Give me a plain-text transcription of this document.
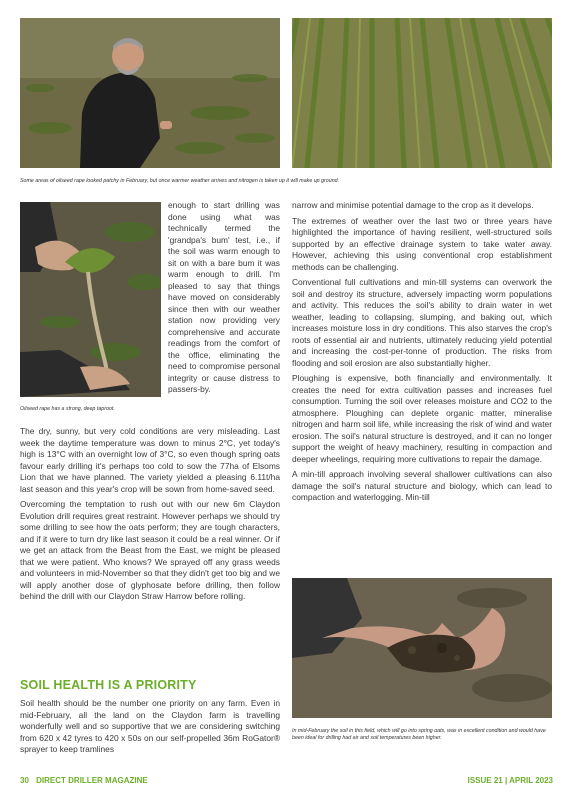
Some areas of oilseed rape looked patchy in February, but once warmer weather arrives and nitrogen is taken up it will make up ground.
Oilseed rape has a strong, deep taproot.
enough to start drilling was done using what was technically termed the 'grandpa's bum' test, i.e., if the soil was warm enough to sit on with a bare bum it was warm enough to drill. I'm pleased to say that things have moved on considerably since then with our weather station now providing very comprehensive and accurate readings from the comfort of the office, eliminating the need to compromise personal integrity or cause distress to passers-by.

The dry, sunny, but very cold conditions are very misleading. Last week the daytime temperature was down to minus 2°C, yet today's high is 13°C with an overnight low of 3°C, so even though spring oats favour early drilling it's perhaps too cold to sow the 77ha of Elsoms Lion that we have planned. The variety yielded a pleasing 6.11t/ha last season and this year's crop will be sown from home-saved seed.

Overcoming the temptation to rush out with our new 6m Claydon Evolution drill requires great restraint. However perhaps we should try some drilling to see how the oats perform; they are tough characters, and if it were to turn dry like last season it could be a real winner. Or if we get an attack from the Beast from the East, we might be pleased that we were patient. Who knows? We sprayed off any grass weeds and volunteers in mid-November so that they didn't get too big and we will apply another dose of glyphosate before drilling, then follow behind the drill with our Claydon Straw Harrow before rolling.

SOIL HEALTH IS A PRIORITY
Soil health should be the number one priority on any farm. Even in mid-February, all the land on the Claydon farm is travelling wonderfully well and so supportive that we are considering switching from 620 x 42 tyres to 420 x 50s on our self-propelled 36m RoGator® sprayer to keep tramlines

narrow and minimise potential damage to the crop as it develops.

The extremes of weather over the last two or three years have highlighted the importance of having resilient, well-structured soils supported by an effective drainage system to take water away. However, achieving this using conventional crop establishment methods can be challenging.

Conventional full cultivations and min-till systems can overwork the soil and destroy its structure, adversely impacting worm populations and activity. This reduces the soil's ability to drain water in wet weather, leading to collapsing, slumping, and baking out, which increases moisture loss in dry conditions. This also starves the crop's roots of essential air and nutrients, ultimately reducing yield potential and increasing the cost-per-tonne of production. The risks from flooding and soil erosion are also substantially higher.

Ploughing is expensive, both financially and environmentally. It creates the need for extra cultivation passes and increases fuel consumption. Turning the soil over releases moisture and CO2 to the atmosphere. Ploughing can deplete organic matter, mineralise nitrogen and harm soil life, while increasing the risk of wind and water erosion. The soil's natural structure is destroyed, and it can no longer support the weight of heavy machinery, resulting in compaction and deeper wheelings, requiring more cultivations to repair the damage.

A min-till approach involving several shallower cultivations can also damage the soil's natural structure and biology, which can lead to compaction and waterlogging. Min-till

In mid-February the soil in this field, which will go into spring oats, was in excellent condition and would have been ideal for drilling had air and soil temperatures been higher.
30 DIRECT DRILLER MAGAZINE	ISSUE 21 | APRIL 2023
